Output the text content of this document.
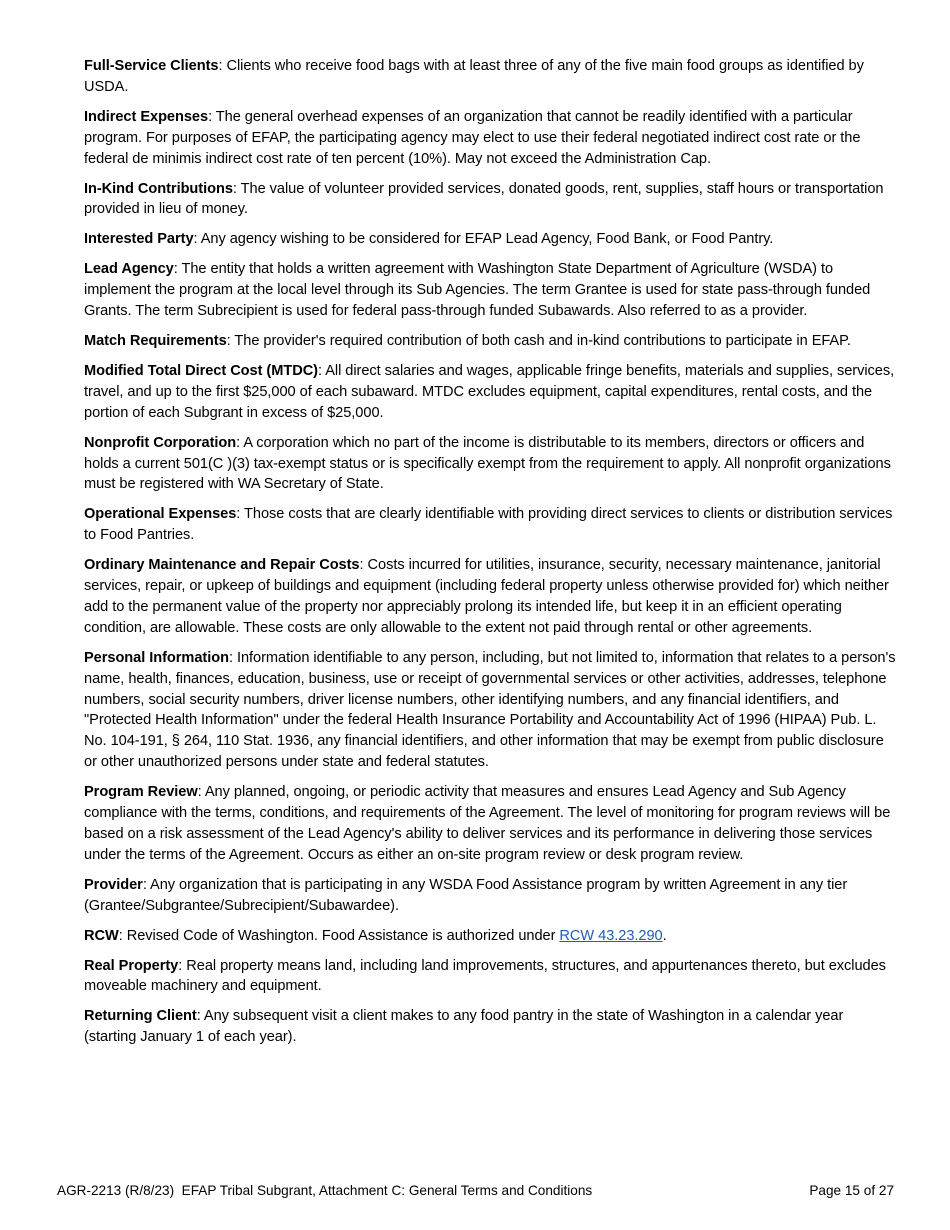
Full-Service Clients: Clients who receive food bags with at least three of any of the five main food groups as identified by USDA.

Indirect Expenses: The general overhead expenses of an organization that cannot be readily identified with a particular program. For purposes of EFAP, the participating agency may elect to use their federal negotiated indirect cost rate or the federal de minimis indirect cost rate of ten percent (10%). May not exceed the Administration Cap.

In-Kind Contributions: The value of volunteer provided services, donated goods, rent, supplies, staff hours or transportation provided in lieu of money.

Interested Party: Any agency wishing to be considered for EFAP Lead Agency, Food Bank, or Food Pantry.

Lead Agency: The entity that holds a written agreement with Washington State Department of Agriculture (WSDA) to implement the program at the local level through its Sub Agencies. The term Grantee is used for state pass-through funded Grants. The term Subrecipient is used for federal pass-through funded Subawards. Also referred to as a provider.

Match Requirements: The provider's required contribution of both cash and in-kind contributions to participate in EFAP.

Modified Total Direct Cost (MTDC): All direct salaries and wages, applicable fringe benefits, materials and supplies, services, travel, and up to the first $25,000 of each subaward. MTDC excludes equipment, capital expenditures, rental costs, and the portion of each Subgrant in excess of $25,000.

Nonprofit Corporation: A corporation which no part of the income is distributable to its members, directors or officers and holds a current 501(C )(3) tax-exempt status or is specifically exempt from the requirement to apply. All nonprofit organizations must be registered with WA Secretary of State.

Operational Expenses: Those costs that are clearly identifiable with providing direct services to clients or distribution services to Food Pantries.

Ordinary Maintenance and Repair Costs: Costs incurred for utilities, insurance, security, necessary maintenance, janitorial services, repair, or upkeep of buildings and equipment (including federal property unless otherwise provided for) which neither add to the permanent value of the property nor appreciably prolong its intended life, but keep it in an efficient operating condition, are allowable. These costs are only allowable to the extent not paid through rental or other agreements.

Personal Information: Information identifiable to any person, including, but not limited to, information that relates to a person's name, health, finances, education, business, use or receipt of governmental services or other activities, addresses, telephone numbers, social security numbers, driver license numbers, other identifying numbers, and any financial identifiers, and "Protected Health Information" under the federal Health Insurance Portability and Accountability Act of 1996 (HIPAA) Pub. L. No. 104-191, § 264, 110 Stat. 1936, any financial identifiers, and other information that may be exempt from public disclosure or other unauthorized persons under state and federal statutes.

Program Review: Any planned, ongoing, or periodic activity that measures and ensures Lead Agency and Sub Agency compliance with the terms, conditions, and requirements of the Agreement. The level of monitoring for program reviews will be based on a risk assessment of the Lead Agency's ability to deliver services and its performance in delivering those services under the terms of the Agreement. Occurs as either an on-site program review or desk program review.

Provider: Any organization that is participating in any WSDA Food Assistance program by written Agreement in any tier (Grantee/Subgrantee/Subrecipient/Subawardee).

RCW: Revised Code of Washington. Food Assistance is authorized under RCW 43.23.290.

Real Property: Real property means land, including land improvements, structures, and appurtenances thereto, but excludes moveable machinery and equipment.

Returning Client: Any subsequent visit a client makes to any food pantry in the state of Washington in a calendar year (starting January 1 of each year).

AGR-2213 (R/8/23)  EFAP Tribal Subgrant, Attachment C: General Terms and Conditions	Page 15 of 27
